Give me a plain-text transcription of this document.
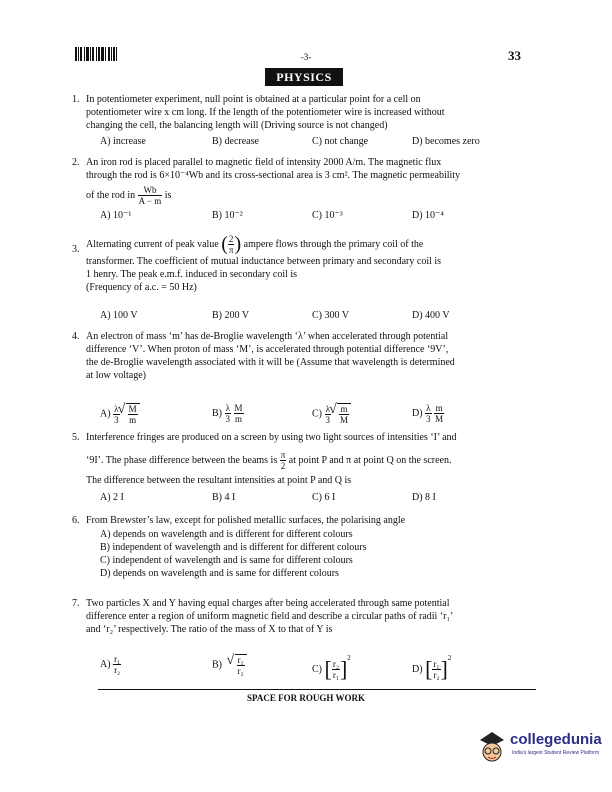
-3-	33
PHYSICS
1. In potentiometer experiment, null point is obtained at a particular point for a cell on

potentiometer wire x cm long. If the length of the potentiometer wire is increased without

changing the cell, the balancing length will (Driving source is not changed)

A) increase	B) decrease	C) not change	D) becomes zero
2. An iron rod is placed parallel to magnetic field of intensity 2000 A/m. The magnetic flux

through the rod is 6×10⁻⁴Wb and its cross-sectional area is 3 cm². The magnetic permeability

of the rod in $\frac{Wb}{A - m}$ is

A) 10⁻¹	B) 10⁻²	C) 10⁻³	D) 10⁻⁴
3. Alternating current of peak value ( $\frac{2}{\pi}$ ) ampere flows through the primary coil of the

transformer. The coefficient of mutual inductance between primary and secondary coil is

1 henry. The peak e.m.f. induced in secondary coil is

(Frequency of a.c. = 50 Hz)

A) 100 V	B) 200 V	C) 300 V	D) 400 V
4. An electron of mass ‘m’ has de-Broglie wavelength ‘λ’ when accelerated through potential

difference ‘V’. When proton of mass ‘M’, is accelerated through potential difference ‘9V’,

the de-Broglie wavelength associated with it will be (Assume that wavelength is determined

at low voltage)

$A) \frac{\lambda}{3}$ √ $\frac{M}{m}$	$B) \frac{\lambda}{3}$
$\frac{M}{m}$	$C) \frac{\lambda}{3}$ √ $\frac{m}{M}$	$D) \frac{\lambda}{3}$
$\frac{m}{M}$
5. Interference fringes are produced on a screen by using two light sources of intensities ‘I’ and

‘9I’. The phase difference between the beams is $\frac{\pi}{2}$ at point P and π at point Q on the screen.

The difference between the resultant intensities at point P and Q is

A) 2 I	B) 4 I	C) 6 I	D) 8 I
6. From Brewster’s law, except for polished metallic surfaces, the polarising angle

A) depends on wavelength and is different for different colours
B) independent of wavelength and is different for different colours
C) independent of wavelength and is same for different colours
D) depends on wavelength and is same for different colours
7. Two particles X and Y having equal charges after being accelerated through same potential

difference enter a region of uniform magnetic field and describe a circular paths of radii ‘r₁’

and ‘r₂’ respectively. The ratio of the mass of X to that of Y is

$A) \frac{\text{r₁}}{\text{r₂}}$	B) √ $\frac{\text{r₁}}{\text{r₂}}$	C) [ $\frac{\text{r₂}}{\text{r₁}} ]^2$
D) [ $\frac{\text{r₁}}{\text{r₂}} ]^2$
SPACE FOR ROUGH WORK
collegedunia
India's largest Student Review Platform
